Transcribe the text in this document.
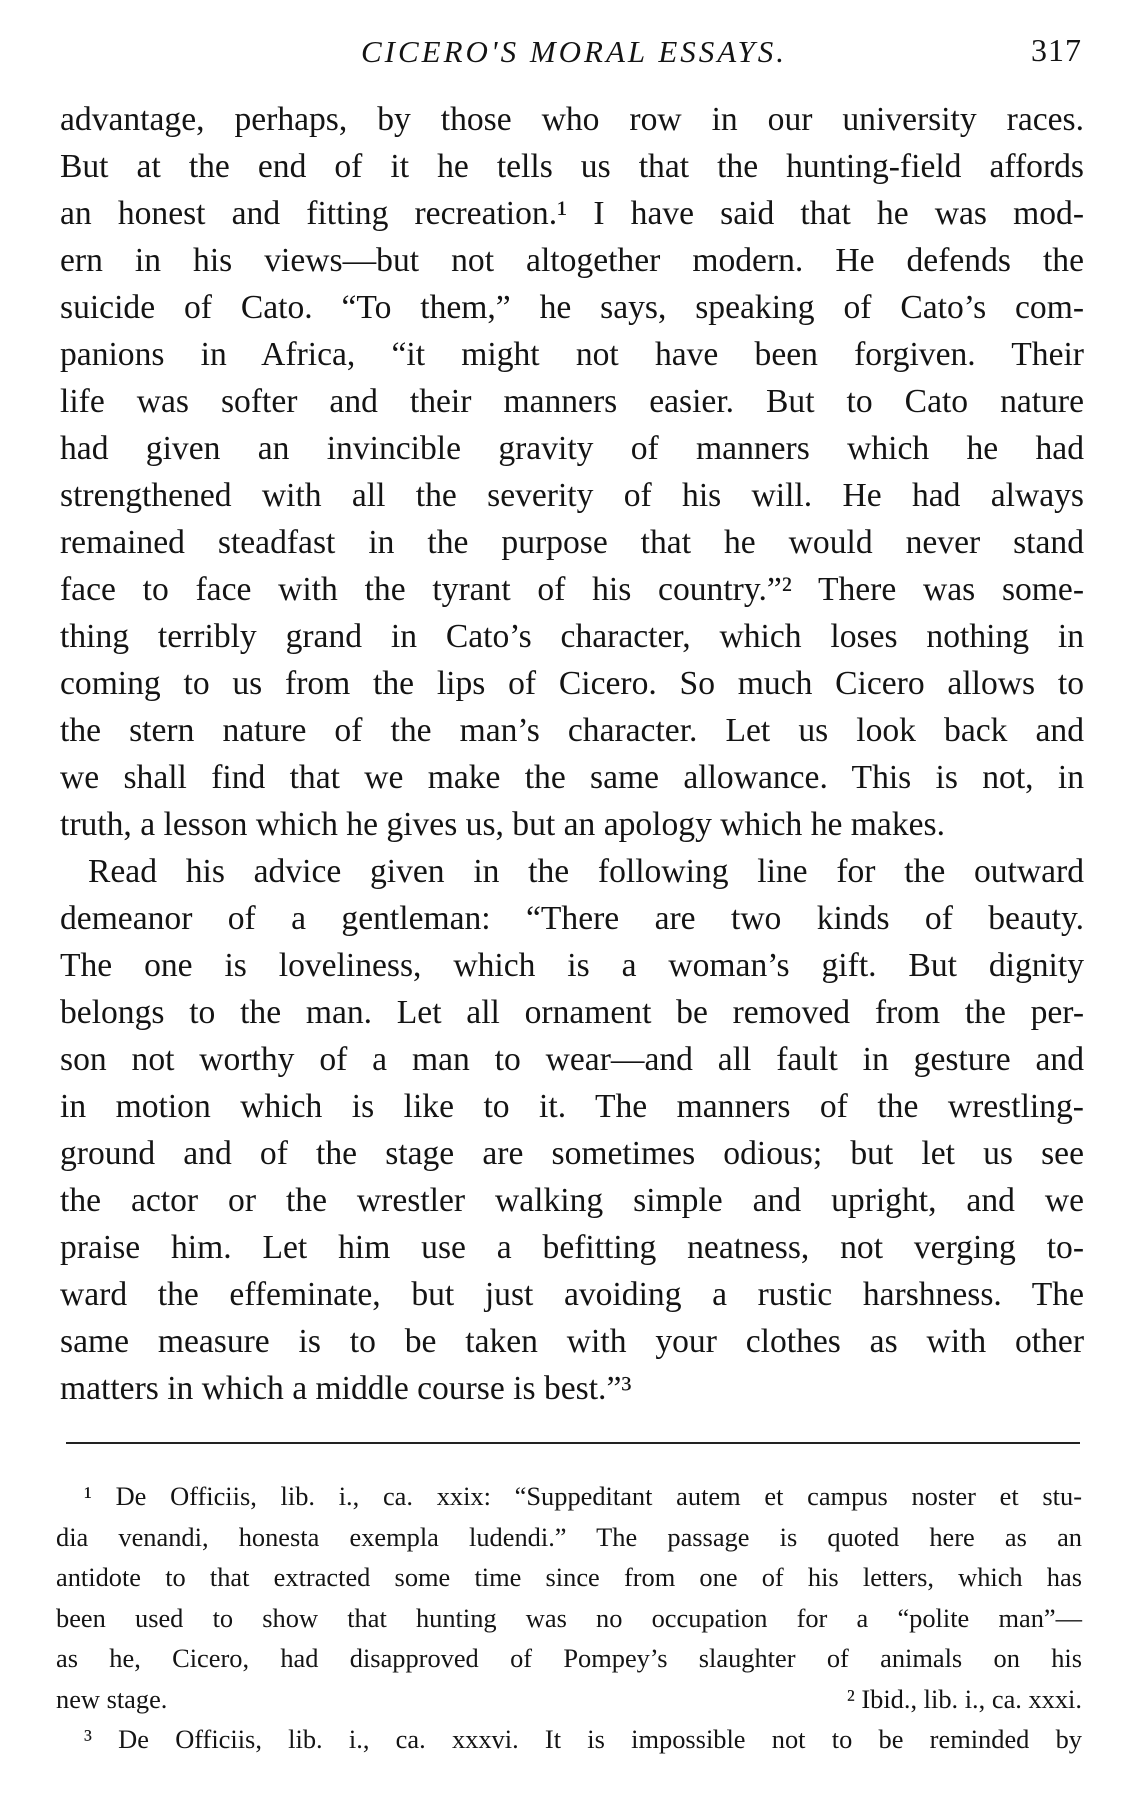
CICERO'S MORAL ESSAYS.	317
advantage, perhaps, by those who row in our university races.
But at the end of it he tells us that the hunting-field affords
an honest and fitting recreation.¹ I have said that he was mod-
ern in his views—but not altogether modern. He defends the
suicide of Cato. “To them,” he says, speaking of Cato’s com-
panions in Africa, “it might not have been forgiven. Their
life was softer and their manners easier. But to Cato nature
had given an invincible gravity of manners which he had
strengthened with all the severity of his will. He had always
remained steadfast in the purpose that he would never stand
face to face with the tyrant of his country.”² There was some-
thing terribly grand in Cato’s character, which loses nothing in
coming to us from the lips of Cicero. So much Cicero allows to
the stern nature of the man’s character. Let us look back and
we shall find that we make the same allowance. This is not, in
truth, a lesson which he gives us, but an apology which he makes.
Read his advice given in the following line for the outward
demeanor of a gentleman: “There are two kinds of beauty.
The one is loveliness, which is a woman’s gift. But dignity
belongs to the man. Let all ornament be removed from the per-
son not worthy of a man to wear—and all fault in gesture and
in motion which is like to it. The manners of the wrestling-
ground and of the stage are sometimes odious; but let us see
the actor or the wrestler walking simple and upright, and we
praise him. Let him use a befitting neatness, not verging to-
ward the effeminate, but just avoiding a rustic harshness. The
same measure is to be taken with your clothes as with other
matters in which a middle course is best.”³
¹ De Officiis, lib. i., ca. xxix: “Suppeditant autem et campus noster et stu-
dia venandi, honesta exempla ludendi.” The passage is quoted here as an
antidote to that extracted some time since from one of his letters, which has
been used to show that hunting was no occupation for a “polite man”—
as he, Cicero, had disapproved of Pompey’s slaughter of animals on his
new stage.	² Ibid., lib. i., ca. xxxi.
³ De Officiis, lib. i., ca. xxxvi. It is impossible not to be reminded by
